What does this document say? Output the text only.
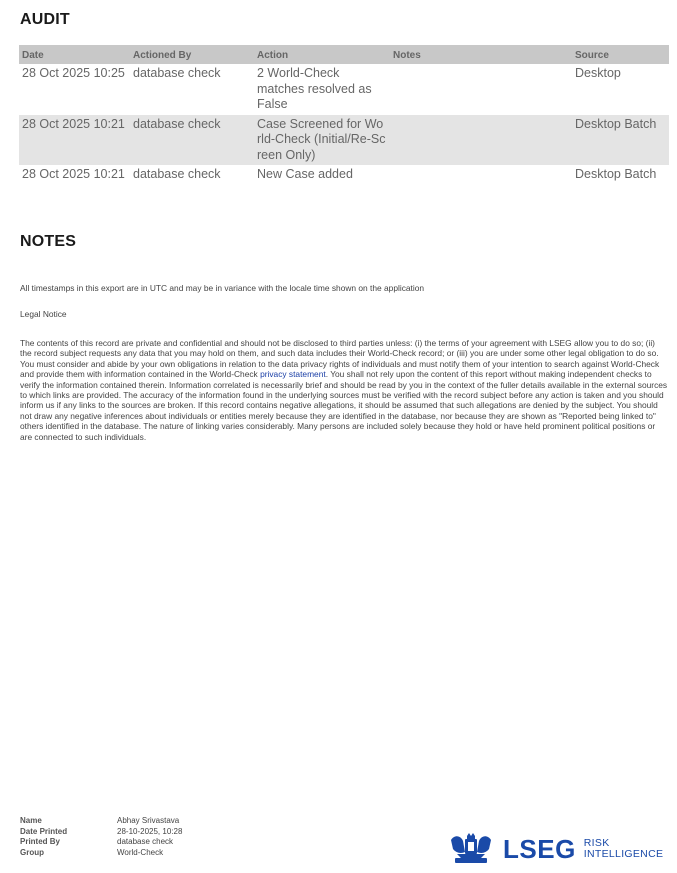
AUDIT
Date	Actioned By	Action	Notes	Source
28 Oct 2025 10:25	database check	2 World-Check matches resolved as False		Desktop
28 Oct 2025 10:21	database check	Case Screened for World-Check (Initial/Re-Screen Only)		Desktop Batch
28 Oct 2025 10:21	database check	New Case added		Desktop Batch
NOTES
All timestamps in this export are in UTC and may be in variance with the locale time shown on the application
Legal Notice
The contents of this record are private and confidential and should not be disclosed to third parties unless: (i) the terms of your agreement with LSEG allow you to do so; (ii) the record subject requests any data that you may hold on them, and such data includes their World-Check record; or (iii) you are under some other legal obligation to do so. You must consider and abide by your own obligations in relation to the data privacy rights of individuals and must notify them of your intention to search against World-Check and provide them with information contained in the World-Check privacy statement. You shall not rely upon the content of this report without making independent checks to verify the information contained therein. Information correlated is necessarily brief and should be read by you in the context of the fuller details available in the external sources to which links are provided. The accuracy of the information found in the underlying sources must be verified with the record subject before any action is taken and you should inform us if any links to the sources are broken. If this record contains negative allegations, it should be assumed that such allegations are denied by the subject. You should not draw any negative inferences about individuals or entities merely because they are identified in the database, nor because they are shown as "Reported being linked to" others identified in the database. The nature of linking varies considerably. Many persons are included solely because they hold or have held prominent political positions or are connected to such individuals.
Name	Abhay Srivastava
Date Printed	28-10-2025, 10:28
Printed By	database check
Group	World-Check	LSEG RISK
INTELLIGENCE
